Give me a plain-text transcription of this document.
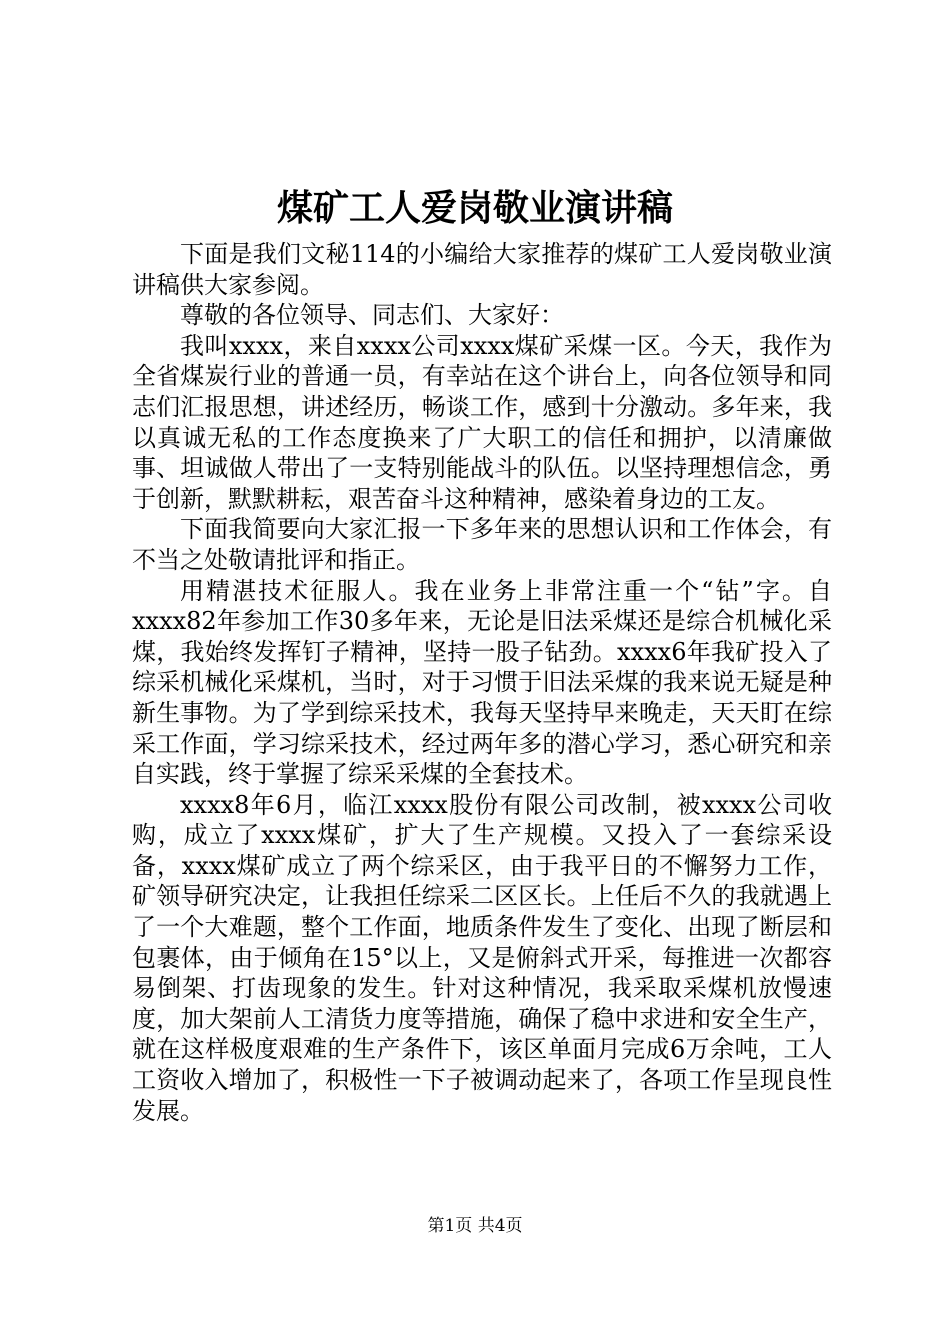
煤矿工人爱岗敬业演讲稿

下面是我们文秘114的小编给大家推荐的煤矿工人爱岗敬业演讲稿供大家参阅。

尊敬的各位领导、同志们、大家好：

我叫xxxx，来自xxxx公司xxxx煤矿采煤一区。今天，我作为全省煤炭行业的普通一员，有幸站在这个讲台上，向各位领导和同志们汇报思想，讲述经历，畅谈工作，感到十分激动。多年来，我以真诚无私的工作态度换来了广大职工的信任和拥护，以清廉做事、坦诚做人带出了一支特别能战斗的队伍。以坚持理想信念，勇于创新，默默耕耘，艰苦奋斗这种精神，感染着身边的工友。

下面我简要向大家汇报一下多年来的思想认识和工作体会，有不当之处敬请批评和指正。

用精湛技术征服人。我在业务上非常注重一个“钻”字。自xxxx82年参加工作30多年来，无论是旧法采煤还是综合机械化采煤，我始终发挥钉子精神，坚持一股子钻劲。xxxx6年我矿投入了综采机械化采煤机，当时，对于习惯于旧法采煤的我来说无疑是种新生事物。为了学到综采技术，我每天坚持早来晚走，天天盯在综采工作面，学习综采技术，经过两年多的潜心学习，悉心研究和亲自实践，终于掌握了综采采煤的全套技术。

xxxx8年6月，临江xxxx股份有限公司改制，被xxxx公司收购，成立了xxxx煤矿，扩大了生产规模。又投入了一套综采设备，xxxx煤矿成立了两个综采区，由于我平日的不懈努力工作，矿领导研究决定，让我担任综采二区区长。上任后不久的我就遇上了一个大难题，整个工作面，地质条件发生了变化、出现了断层和包裹体，由于倾角在15°以上，又是俯斜式开采，每推进一次都容易倒架、打齿现象的发生。针对这种情况，我采取采煤机放慢速度，加大架前人工清货力度等措施，确保了稳中求进和安全生产，就在这样极度艰难的生产条件下，该区单面月完成6万余吨，工人工资收入增加了，积极性一下子被调动起来了，各项工作呈现良性发展。

第1页 共4页
